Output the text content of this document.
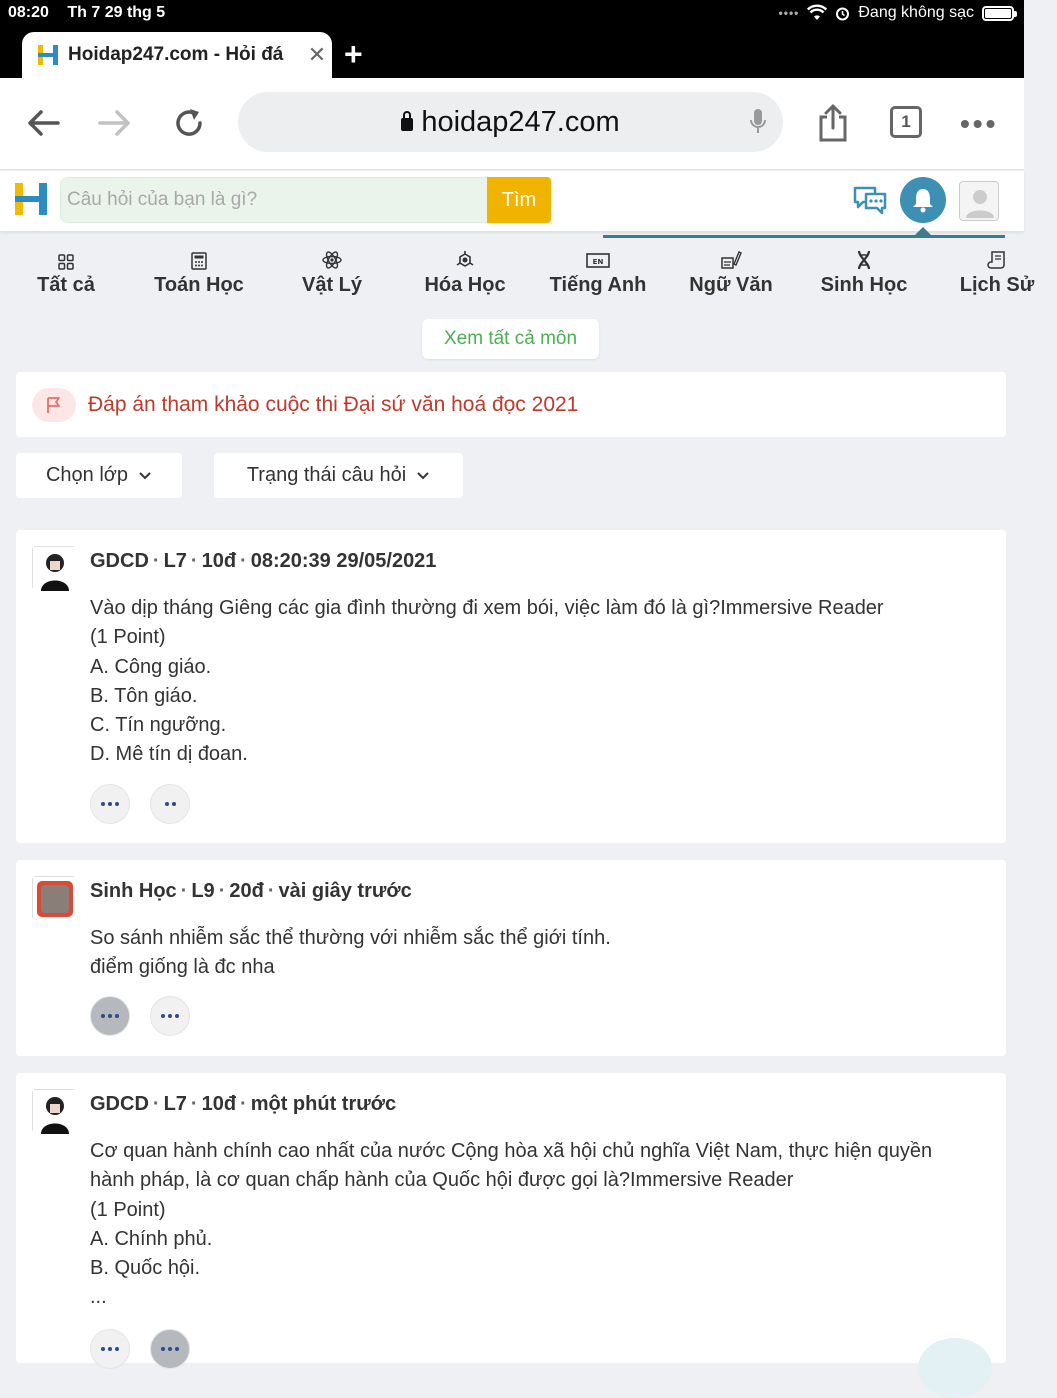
08:20 Th 7 29 thg 5	••••	Đang không sạc
Hoidap247.com - Hỏi đá	✕ +
hoidap247.com	1	•••
Câu hỏi của bạn là gì?
Tìm
Tất cả	Toán Học	Vật Lý	Hóa Học
EN
Tiếng Anh	Ngữ Văn	Sinh Học	Lịch Sử
Xem tất cả môn
Đáp án tham khảo cuộc thi Đại sứ văn hoá đọc 2021
Chọn lớp	Trạng thái câu hỏi
GDCD · L7 · 10đ · 08:20:39 29/05/2021
Vào dịp tháng Giêng các gia đình thường đi xem bói, việc làm đó là gì?Immersive Reader
(1 Point)
A. Công giáo.
B. Tôn giáo.
C. Tín ngưỡng.
D. Mê tín dị đoan.
Sinh Học · L9 · 20đ · vài giây trước
So sánh nhiễm sắc thể thường với nhiễm sắc thể giới tính.
điểm giống là đc nha
GDCD · L7 · 10đ · một phút trước
Cơ quan hành chính cao nhất của nước Cộng hòa xã hội chủ nghĩa Việt Nam, thực hiện quyền
hành pháp, là cơ quan chấp hành của Quốc hội được gọi là?Immersive Reader
(1 Point)
A. Chính phủ.
B. Quốc hội.
...
